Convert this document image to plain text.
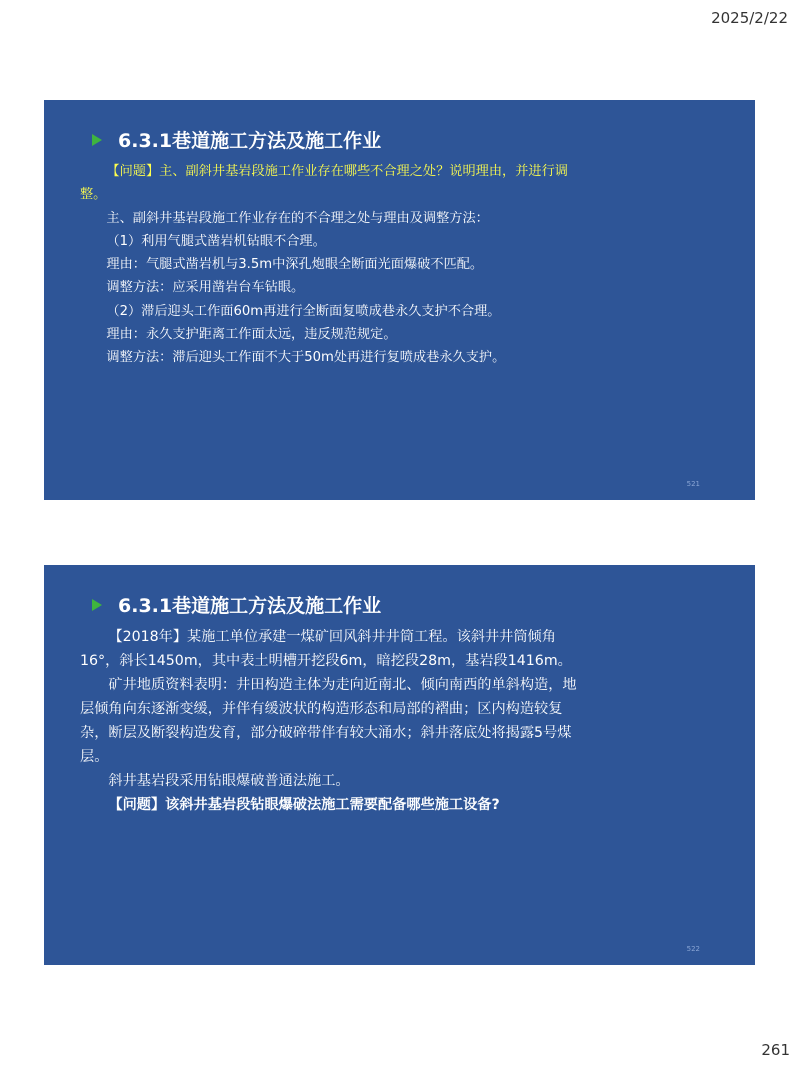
2025/2/22
6.3.1巷道施工方法及施工作业

【问题】主、副斜井基岩段施工作业存在哪些不合理之处？说明理由，并进行调整。

主、副斜井基岩段施工作业存在的不合理之处与理由及调整方法：

（1）利用气腿式凿岩机钻眼不合理。

理由：气腿式凿岩机与3.5m中深孔炮眼全断面光面爆破不匹配。

调整方法：应采用凿岩台车钻眼。

（2）滞后迎头工作面60m再进行全断面复喷成巷永久支护不合理。

理由：永久支护距离工作面太远，违反规范规定。

调整方法：滞后迎头工作面不大于50m处再进行复喷成巷永久支护。

521
6.3.1巷道施工方法及施工作业

【2018年】某施工单位承建一煤矿回风斜井井筒工程。该斜井井筒倾角16°，斜长1450m，其中表土明槽开挖段6m，暗挖段28m，基岩段1416m。

矿井地质资料表明：井田构造主体为走向近南北、倾向南西的单斜构造，地层倾角向东逐渐变缓，并伴有缓波状的构造形态和局部的褶曲；区内构造较复杂，断层及断裂构造发育，部分破碎带伴有较大涌水；斜井落底处将揭露5号煤层。

斜井基岩段采用钻眼爆破普通法施工。

【问题】该斜井基岩段钻眼爆破法施工需要配备哪些施工设备?

522
261
